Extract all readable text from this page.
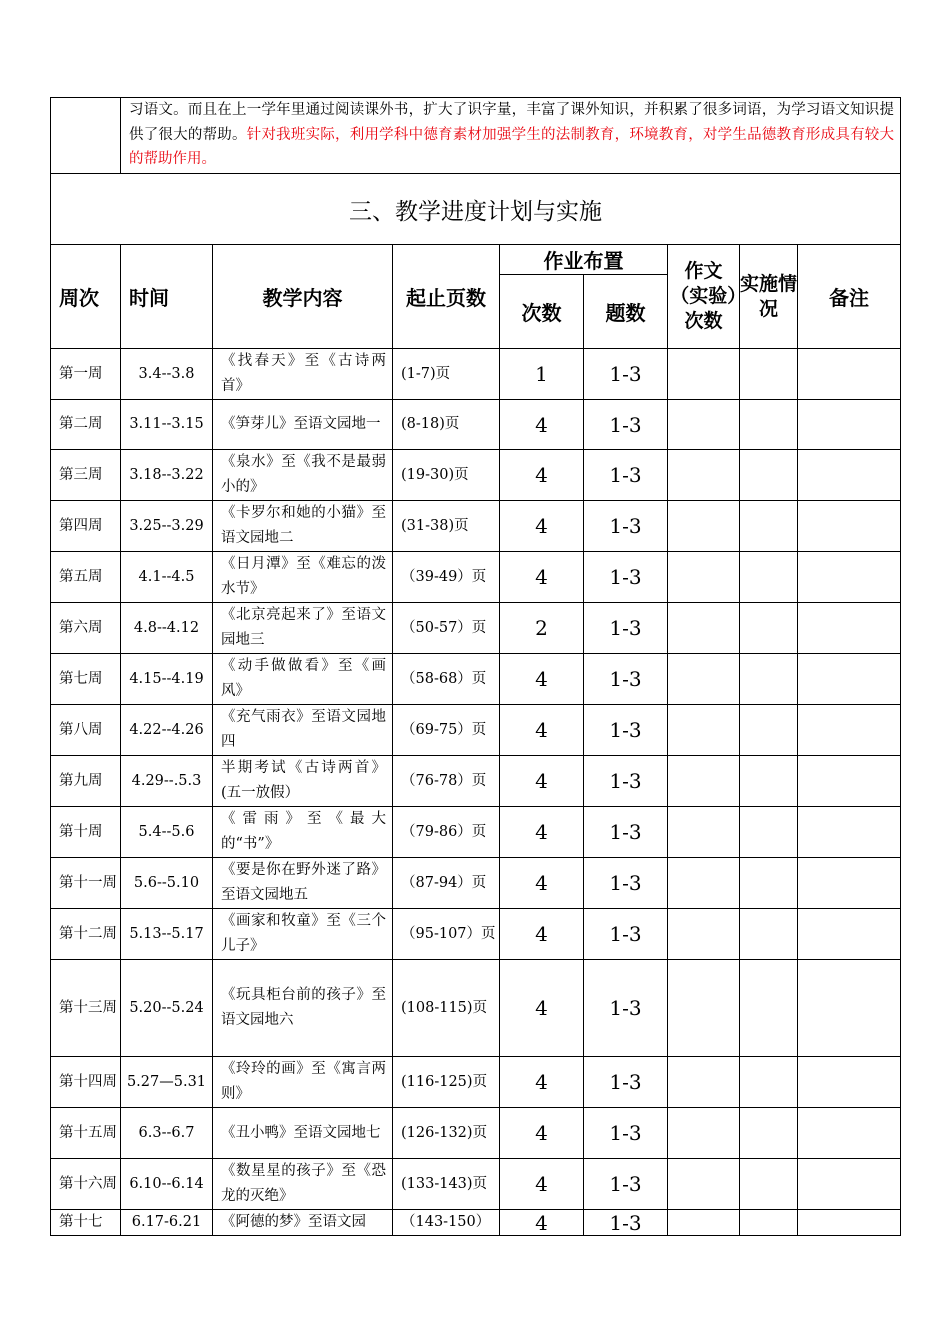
	习语文。而且在上一学年里通过阅读课外书，扩大了识字量，丰富了课外知识，并积累了很多词语，为学习语文知识提供了很大的帮助。针对我班实际，利用学科中德育素材加强学生的法制教育，环境教育，对学生品德教育形成具有较大的帮助作用。							
三、教学进度计划与实施								
周次	时间	教学内容	起止页数	作业布置		作文（实验）次数	实施情况	备注
				次数	题数			
第一周	3.4--3.8	《找春天》至《古诗两首》	(1-7)页	1	1-3			
第二周	3.11--3.15	《笋芽儿》至语文园地一	(8-18)页	4	1-3			
第三周	3.18--3.22	《泉水》至《我不是最弱小的》	(19-30)页	4	1-3			
第四周	3.25--3.29	《卡罗尔和她的小猫》至语文园地二	(31-38)页	4	1-3			
第五周	4.1--4.5	《日月潭》至《难忘的泼水节》	（39-49）页	4	1-3			
第六周	4.8--4.12	《北京亮起来了》至语文园地三	（50-57）页	2	1-3			
第七周	4.15--4.19	《动手做做看》至《画风》	（58-68）页	4	1-3			
第八周	4.22--4.26	《充气雨衣》至语文园地四	（69-75）页	4	1-3			
第九周	4.29--.5.3	半期考试《古诗两首》(五一放假）	（76-78）页	4	1-3			
第十周	5.4--5.6	《雷雨》至《最大的“书”》	（79-86）页	4	1-3			
第十一周	5.6--5.10	《要是你在野外迷了路》至语文园地五	（87-94）页	4	1-3			
第十二周	5.13--5.17	《画家和牧童》至《三个儿子》	（95-107）页	4	1-3			
第十三周	5.20--5.24	《玩具柜台前的孩子》至语文园地六	(108-115)页	4	1-3			
第十四周	5.27—5.31	《玲玲的画》至《寓言两则》	(116-125)页	4	1-3			
第十五周	6.3--6.7	《丑小鸭》至语文园地七	(126-132)页	4	1-3			
第十六周	6.10--6.14	《数星星的孩子》至《恐龙的灭绝》	(133-143)页	4	1-3			
第十七	6.17-6.21	《阿德的梦》至语文园	（143-150）	4	1-3			
